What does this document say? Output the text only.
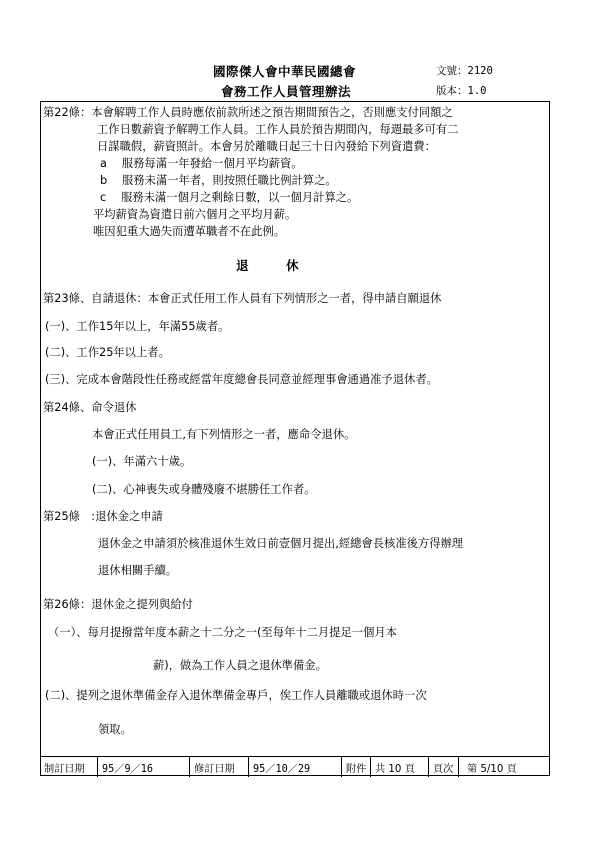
國際傑人會中華民國總會	文號：2120
會務工作人員管理辦法	版本：1.0
第22條：本會解聘工作人員時應依前款所述之預告期間預告之，否則應支付同額之
工作日數薪資予解聘工作人員。工作人員於預告期間內，每週最多可有二
日謀職假，薪資照計。本會另於離職日起三十日內發給下列資遣費：
a　 服務每滿一年發給一個月平均薪資。
b　 服務未滿一年者，則按照任職比例計算之。
c　 服務未滿一個月之剩餘日數，以一個月計算之。
平均薪資為資遣日前六個月之平均月薪。
唯因犯重大過失而遭革職者不在此例。
退　　　休
第23條、自請退休：本會正式任用工作人員有下列情形之一者，得申請自願退休
(一)、工作15年以上，年滿55歲者。
(二)、工作25年以上者。
(三)、完成本會階段性任務或經當年度總會長同意並經理事會通過准予退休者。
第24條、命令退休
本會正式任用員工,有下列情形之一者，應命令退休。
(一)、年滿六十歲。
(二)、心神喪失或身體殘廢不堪勝任工作者。
第25條　:退休金之申請
退休金之申請須於核准退休生效日前壹個月提出,經總會長核准後方得辦理
退休相關手續。
第26條：退休金之提列與給付
（一）、每月提撥當年度本薪之十二分之一(至每年十二月提足一個月本
薪)，做為工作人員之退休準備金。
(二)、提列之退休準備金存入退休準備金專戶，俟工作人員離職或退休時一次
領取。
制訂日期	95／9／16	修訂日期	95／10／29	附件 共 10 頁	頁次	第 5/10 頁
